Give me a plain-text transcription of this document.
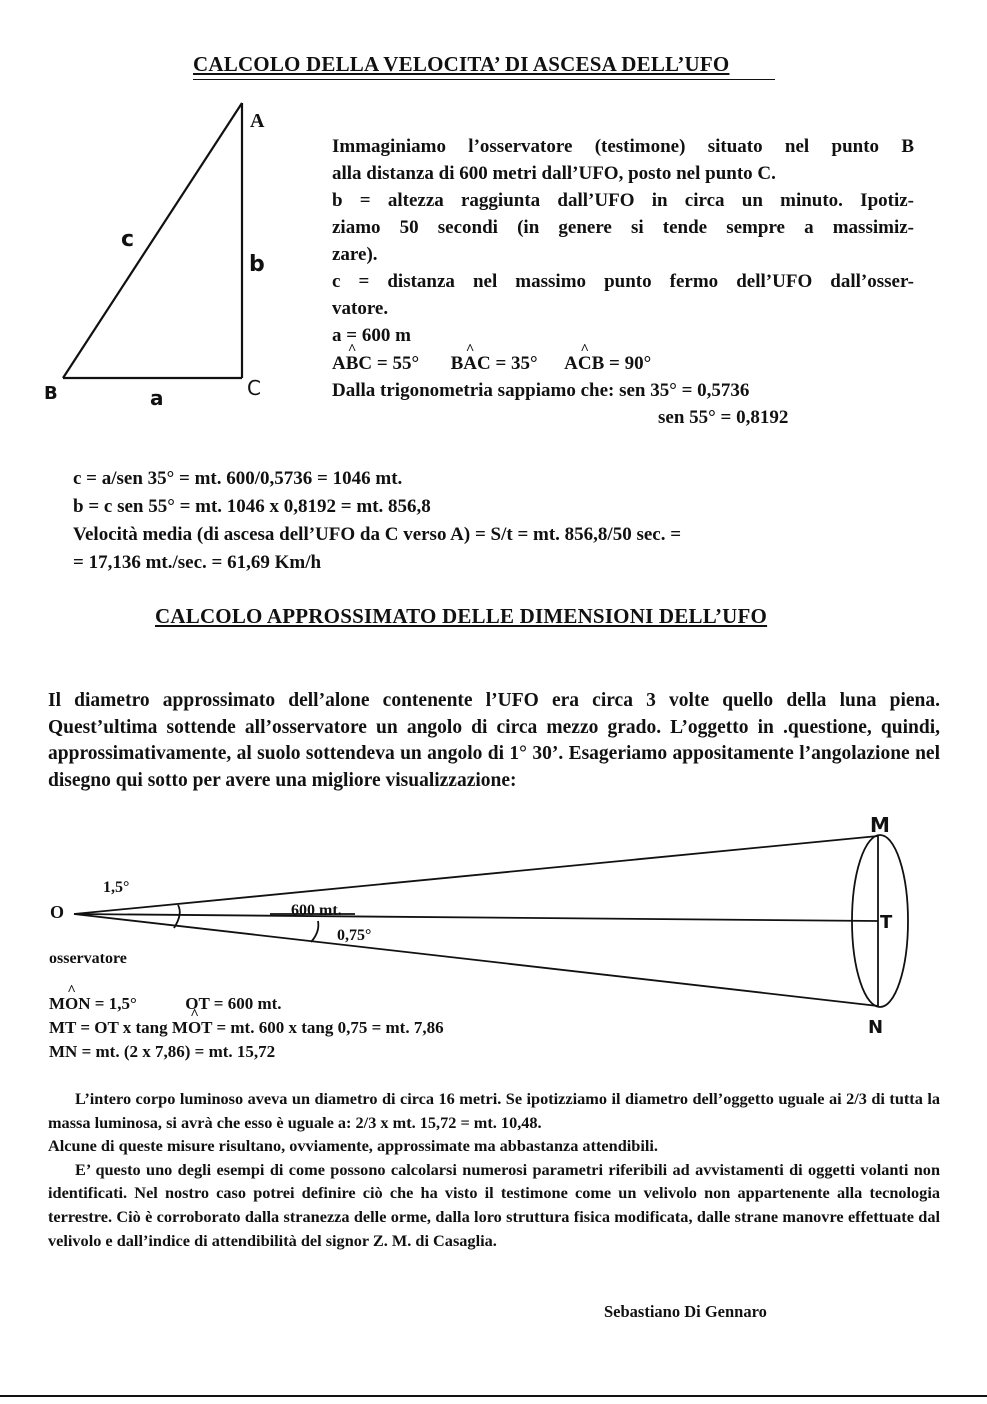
CALCOLO DELLA VELOCITA’ DI ASCESA DELL’UFO
A
B	C
a
b
c
Immaginiamo l’osservatore (testimone) situato nel punto B
alla distanza di 600 metri dall’UFO, posto nel punto C.
b = altezza raggiunta dall’UFO in circa un minuto. Ipotiz-
ziamo 50 secondi (in genere si tende sempre a massimiz-
zare).
c = distanza nel massimo punto fermo dell’UFO dall’osser-
vatore.
a = 600 m
A^ BC = 55° B^ AC = 35° A^ CB = 90°
Dalla trigonometria sappiamo che: sen 35° = 0,5736
sen 55° = 0,8192
c = a/sen 35° = mt. 600/0,5736 = 1046 mt.
b = c sen 55° = mt. 1046 x 0,8192 = mt. 856,8
Velocità media (di ascesa dell’UFO da C verso A) = S/t = mt. 856,8/50 sec. =
= 17,136 mt./sec. = 61,69 Km/h
CALCOLO APPROSSIMATO DELLE DIMENSIONI DELL’UFO
Il diametro approssimato dell’alone contenente l’UFO era circa 3 volte quello della luna piena. Quest’ultima sottende all’osservatore un angolo di circa mezzo grado. L’oggetto in .questione, quindi, approssimativamente, al suolo sottendeva un angolo di 1° 30’. Esageriamo appositamente l’angolazione nel disegno qui sotto per avere una migliore visualizzazione:
O
M
T
N
1,5°
600 mt.
0,75°
osservatore
M^ ON = 1,5°	OT = 600 mt.
MT = OT x tang M^ OT = mt. 600 x tang 0,75 = mt. 7,86
MN = mt. (2 x 7,86) = mt. 15,72
L’intero corpo luminoso aveva un diametro di circa 16 metri. Se ipotizziamo il diametro dell’oggetto uguale ai 2/3 di tutta la massa luminosa, si avrà che esso è uguale a: 2/3 x mt. 15,72 = mt. 10,48.
Alcune di queste misure risultano, ovviamente, approssimate ma abbastanza attendibili.
E’ questo uno degli esempi di come possono calcolarsi numerosi parametri riferibili ad avvistamenti di oggetti volanti non identificati. Nel nostro caso potrei definire ciò che ha visto il testimone come un velivolo non appartenente alla tecnologia terrestre. Ciò è corroborato dalla stranezza delle orme, dalla loro struttura fisica modificata, dalle strane manovre effettuate dal velivolo e dall’indice di attendibilità del signor Z. M. di Casaglia.
Sebastiano Di Gennaro
